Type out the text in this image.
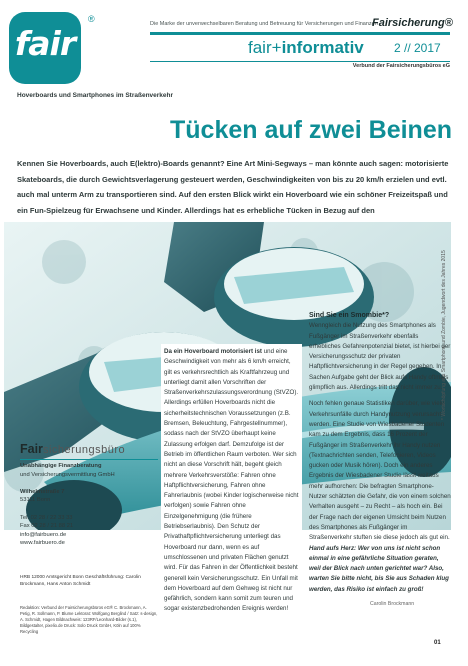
fair
®	Die Marke der unverwechselbaren Beratung und Betreuung für Versicherungen und Finanzen
Fairsicherung®
fair+informativ	2 // 2017
Verbund der Fairsicherungsbüros eG
Hoverboards und Smartphones im Straßenverkehr
Tücken auf zwei Beinen
Kennen Sie Hoverboards, auch E(lektro)-Boards genannt? Eine Art Mini-Segways – man könnte auch sagen: motorisierte Skateboards, die durch Gewichtsverlagerung gesteuert werden, Geschwindigkeiten von bis zu 20 km/h erzielen und evtl. auch mal unterm Arm zu transportieren sind. Auf den ersten Blick wirkt ein Hoverboard wie ein schöner Freizeitspaß und ein Fun-Spielzeug für Erwachsene und Kinder. Allerdings hat es erhebliche Tücken in Bezug auf den
Da ein Hoverboard motorisiert ist und eine Geschwindigkeit von mehr als 6 km/h erreicht, gilt es verkehrsrechtlich als Kraftfahrzeug und unterliegt damit allen Vorschriften der Straßenverkehrszulassungsverordnung (StVZO). Allerdings erfüllen Hoverboards nicht die sicherheitstechnischen Voraussetzungen (z.B. Bremsen, Beleuchtung, Fahrgestellnummer), sodass nach der StVZO überhaupt keine Zulassung erfolgen darf. Demzufolge ist der Betrieb im öffentlichen Raum verboten. Wer sich nicht an diese Vorschrift hält, begeht gleich mehrere Verkehrsverstöße: Fahren ohne Haftpflichtversicherung, Fahren ohne Fahrerlaubnis (wobei Kinder logischerweise nicht verfolgen) sowie Fahren ohne Einzelgenehmigung (die frühere Betriebserlaubnis). Den Schutz der Privathaftpflichtversicherung unterliegt das Hoverboard nur dann, wenn es auf umschlossenen und privaten Flächen genutzt wird. Für das Fahren in der Öffentlichkeit besteht generell kein Versicherungsschutz. Ein Unfall mit dem Hoverboard auf dem Gehweg ist nicht nur gefährlich, sondern kann somit zum teuren und sogar existenzbedrohenden Ereignis werden!
Sind Sie ein Smombie*?
Wenngleich die Nutzung des Smartphones als Fußgänger im Straßenverkehr ebenfalls erhebliches Gefahrenpotenzial bietet, ist hierbei der Versicherungsschutz der privaten Haftpflichtversicherung in der Regel gegeben. In Sachen Aufgabe geht der Blick aufs Handy oftmals glimpflich aus. Allerdings tritt das nicht immer zu.
Noch fehlen genaue Statistiken darüber, wie viele Verkehrsunfälle durch Handynutzung verursacht werden. Eine Studie von Wiesbadener Studenten kam zu dem Ergebnis, dass 16 Prozent der Fußgänger im Straßenverkehr ihr Handy nutzen (Textnachrichten senden, Telefonieren, Videos gucken oder Musik hören). Doch ein anderes Ergebnis der Wiesbadener Studie lässt weitaus mehr aufhorchen: Die befragten Smartphone-Nutzer schätzten die Gefahr, die von einem solchen Verhalten ausgeht – zu Recht – als hoch ein. Bei der Frage nach der eigenen Umsicht beim Nutzen des Smartphones als Fußgänger im Straßenverkehr stuften sie diese jedoch als gut ein.
Hand aufs Herz: Wer von uns ist nicht schon einmal in eine gefährliche Situation geraten, weil der Blick nach unten gerichtet war? Also, warten Sie bitte nicht, bis Sie aus Schaden klug werden, das Risiko ist einfach zu groß!
Carolin Brockmann
* Wortschöpfung aus Smartphone und Zombie, Jugendwort des Jahres 2015
Fairsicherungsbüro
Unabhängige Finanzberatung
und Versicherungsvermittlung GmbH

Wilhelmstraße 7
53111 Bonn

Tel. 02 28 / 22 33 33
Fax 02 28 / 21 88 21
info@fairbuero.de
www.fairbuero.de
HRB 12000 Amtsgericht Bonn Geschäftsführung: Carolin Brockmann, Hans Anton Schmidt
Redaktion: Verbund der Fairsicherungsbüros eG® C. Brockmann, A. Petig, R. Sollmann, P. Blume Lektorat: Wolfgang Berglind / Satz: s-design, A. Schmidt, Hagen Bildnachweis: 123RF/Leonhard-Bilder (s.1), Bildgestalter, pixelio.de Druck: Solo Druck GmbH, Köln auf 100% Recycling
01
